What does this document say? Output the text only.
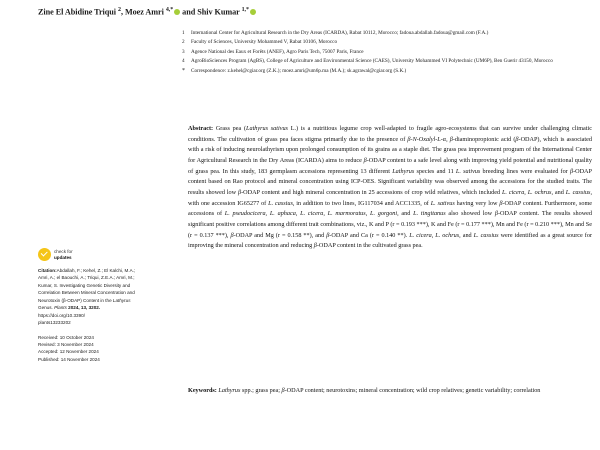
Zine El Abidine Triqui $^2$, Moez Amri $^{4,*}$ and Shiv Kumar $^{1,*}$
1	International Center for Agricultural Research in the Dry Areas (ICARDA), Rabat 10112, Morocco; fadoua.abdallah.fadoua@gmail.com (F.A.)
2	Faculty of Sciences, University Mohammed V, Rabat 10106, Morocco
3	Agence National des Eaux et Forêts (ANEF), Agro Paris Tech, 75007 Paris, France
4	AgroBioSciences Program (AgBS), College of Agriculture and Environmental Science (CAES), University Mohammed VI Polytechnic (UM6P), Ben Guerir 43150, Morocco
*	Correspondence: z.kehel@cgiar.org (Z.K.); moez.amri@um6p.ma (M.A.); sk.agrawal@cgiar.org (S.K.)
check for
updates
Citation:Abdallah, F.; Kehel, Z.; El Kalchi, M.A.; Amri, A.; el Baouchi, A.; Triqui, Z.E.A.; Amri, M.; Kumar, S. Investigating Genetic Diversity and Correlation Between Mineral Concentration and Neurotoxin (β-ODAP) Content in the Lathyrus Genus. Plants 2024, 13, 3202.
https://doi.org/10.3390/
plants13233202
Received: 10 October 2024
Revised: 3 November 2024
Accepted: 12 November 2024
Published: 14 November 2024
Abstract: Grass pea (Lathyrus sativus L.) is a nutritious legume crop well-adapted to fragile agro-ecosystems that can survive under challenging climatic conditions. The cultivation of grass pea faces stigma primarily due to the presence of β-N-Oxalyl-L-α, β-diaminopropionic acid (β-ODAP), which is associated with a risk of inducing neurolathyrism upon prolonged consumption of its grains as a staple diet. The grass pea improvement program of the International Center for Agricultural Research in the Dry Areas (ICARDA) aims to reduce β-ODAP content to a safe level along with improving yield potential and nutritional quality of grass pea. In this study, 183 germplasm accessions representing 13 different Lathyrus species and 11 L. sativus breeding lines were evaluated for β-ODAP content based on Rao protocol and mineral concentration using ICP-OES. Significant variability was observed among the accessions for the studied traits. The results showed low β-ODAP content and high mineral concentration in 25 accessions of crop wild relatives, which included L. cicera, L. ochrus, and L. cassius, with one accession IG65277 of L. cassius, in addition to two lines, IG117034 and ACC1335, of L. sativus having very low β-ODAP content. Furthermore, some accessions of L. pseudocicera, L. aphaca, L. cicera, L. marmoratus, L. gorgoni, and L. tingitanus also showed low β-ODAP content. The results showed significant positive correlations among different trait combinations, viz., K and P (r = 0.193 ***), K and Fe (r = 0.177 ***), Mn and Fe (r = 0.210 ***), Mn and Se (r = 0.137 ***), β-ODAP and Mg (r = 0.158 **), and β-ODAP and Ca (r = 0.140 **). L. cicera, L. ochrus, and L. cassius were identified as a great source for improving the mineral concentration and reducing β-ODAP content in the cultivated grass pea.
Keywords: Lathyrus spp.; grass pea; β-ODAP content; neurotoxins; mineral concentration; wild crop relatives; genetic variability; correlation
